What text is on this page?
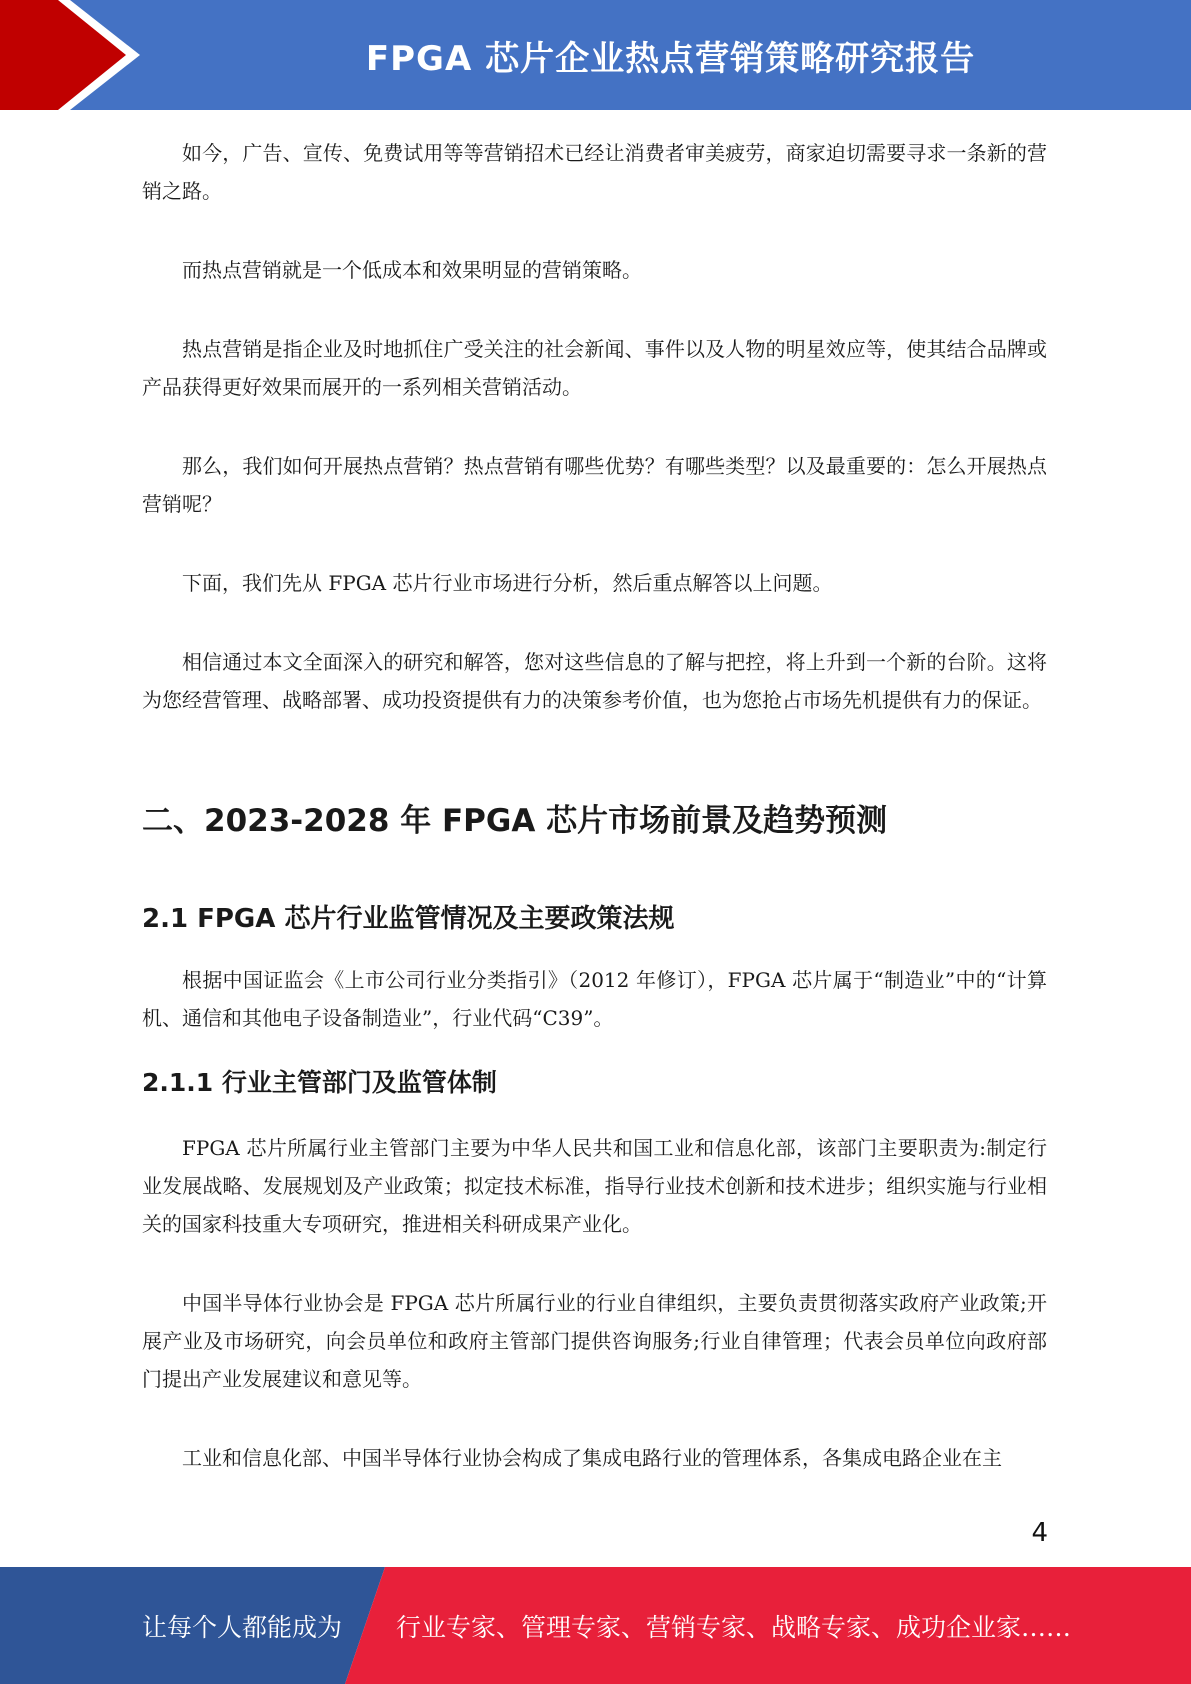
FPGA 芯片企业热点营销策略研究报告

如今，广告、宣传、免费试用等等营销招术已经让消费者审美疲劳，商家迫切需要寻求一条新的营销之路。

而热点营销就是一个低成本和效果明显的营销策略。

热点营销是指企业及时地抓住广受关注的社会新闻、事件以及人物的明星效应等，使其结合品牌或产品获得更好效果而展开的一系列相关营销活动。

那么，我们如何开展热点营销？热点营销有哪些优势？有哪些类型？以及最重要的：怎么开展热点营销呢？

下面，我们先从 FPGA 芯片行业市场进行分析，然后重点解答以上问题。

相信通过本文全面深入的研究和解答，您对这些信息的了解与把控，将上升到一个新的台阶。这将为您经营管理、战略部署、成功投资提供有力的决策参考价值，也为您抢占市场先机提供有力的保证。

二、2023-2028 年 FPGA 芯片市场前景及趋势预测
2.1 FPGA 芯片行业监管情况及主要政策法规

根据中国证监会《上市公司行业分类指引》（2012 年修订），FPGA 芯片属于“制造业”中的“计算机、通信和其他电子设备制造业”，行业代码“C39”。

2.1.1 行业主管部门及监管体制

FPGA 芯片所属行业主管部门主要为中华人民共和国工业和信息化部，该部门主要职责为:制定行业发展战略、发展规划及产业政策；拟定技术标准，指导行业技术创新和技术进步；组织实施与行业相关的国家科技重大专项研究，推进相关科研成果产业化。

中国半导体行业协会是 FPGA 芯片所属行业的行业自律组织，主要负责贯彻落实政府产业政策;开展产业及市场研究，向会员单位和政府主管部门提供咨询服务;行业自律管理；代表会员单位向政府部门提出产业发展建议和意见等。

工业和信息化部、中国半导体行业协会构成了集成电路行业的管理体系，各集成电路企业在主

4
让每个人都能成为 行业专家、管理专家、营销专家、战略专家、成功企业家……
